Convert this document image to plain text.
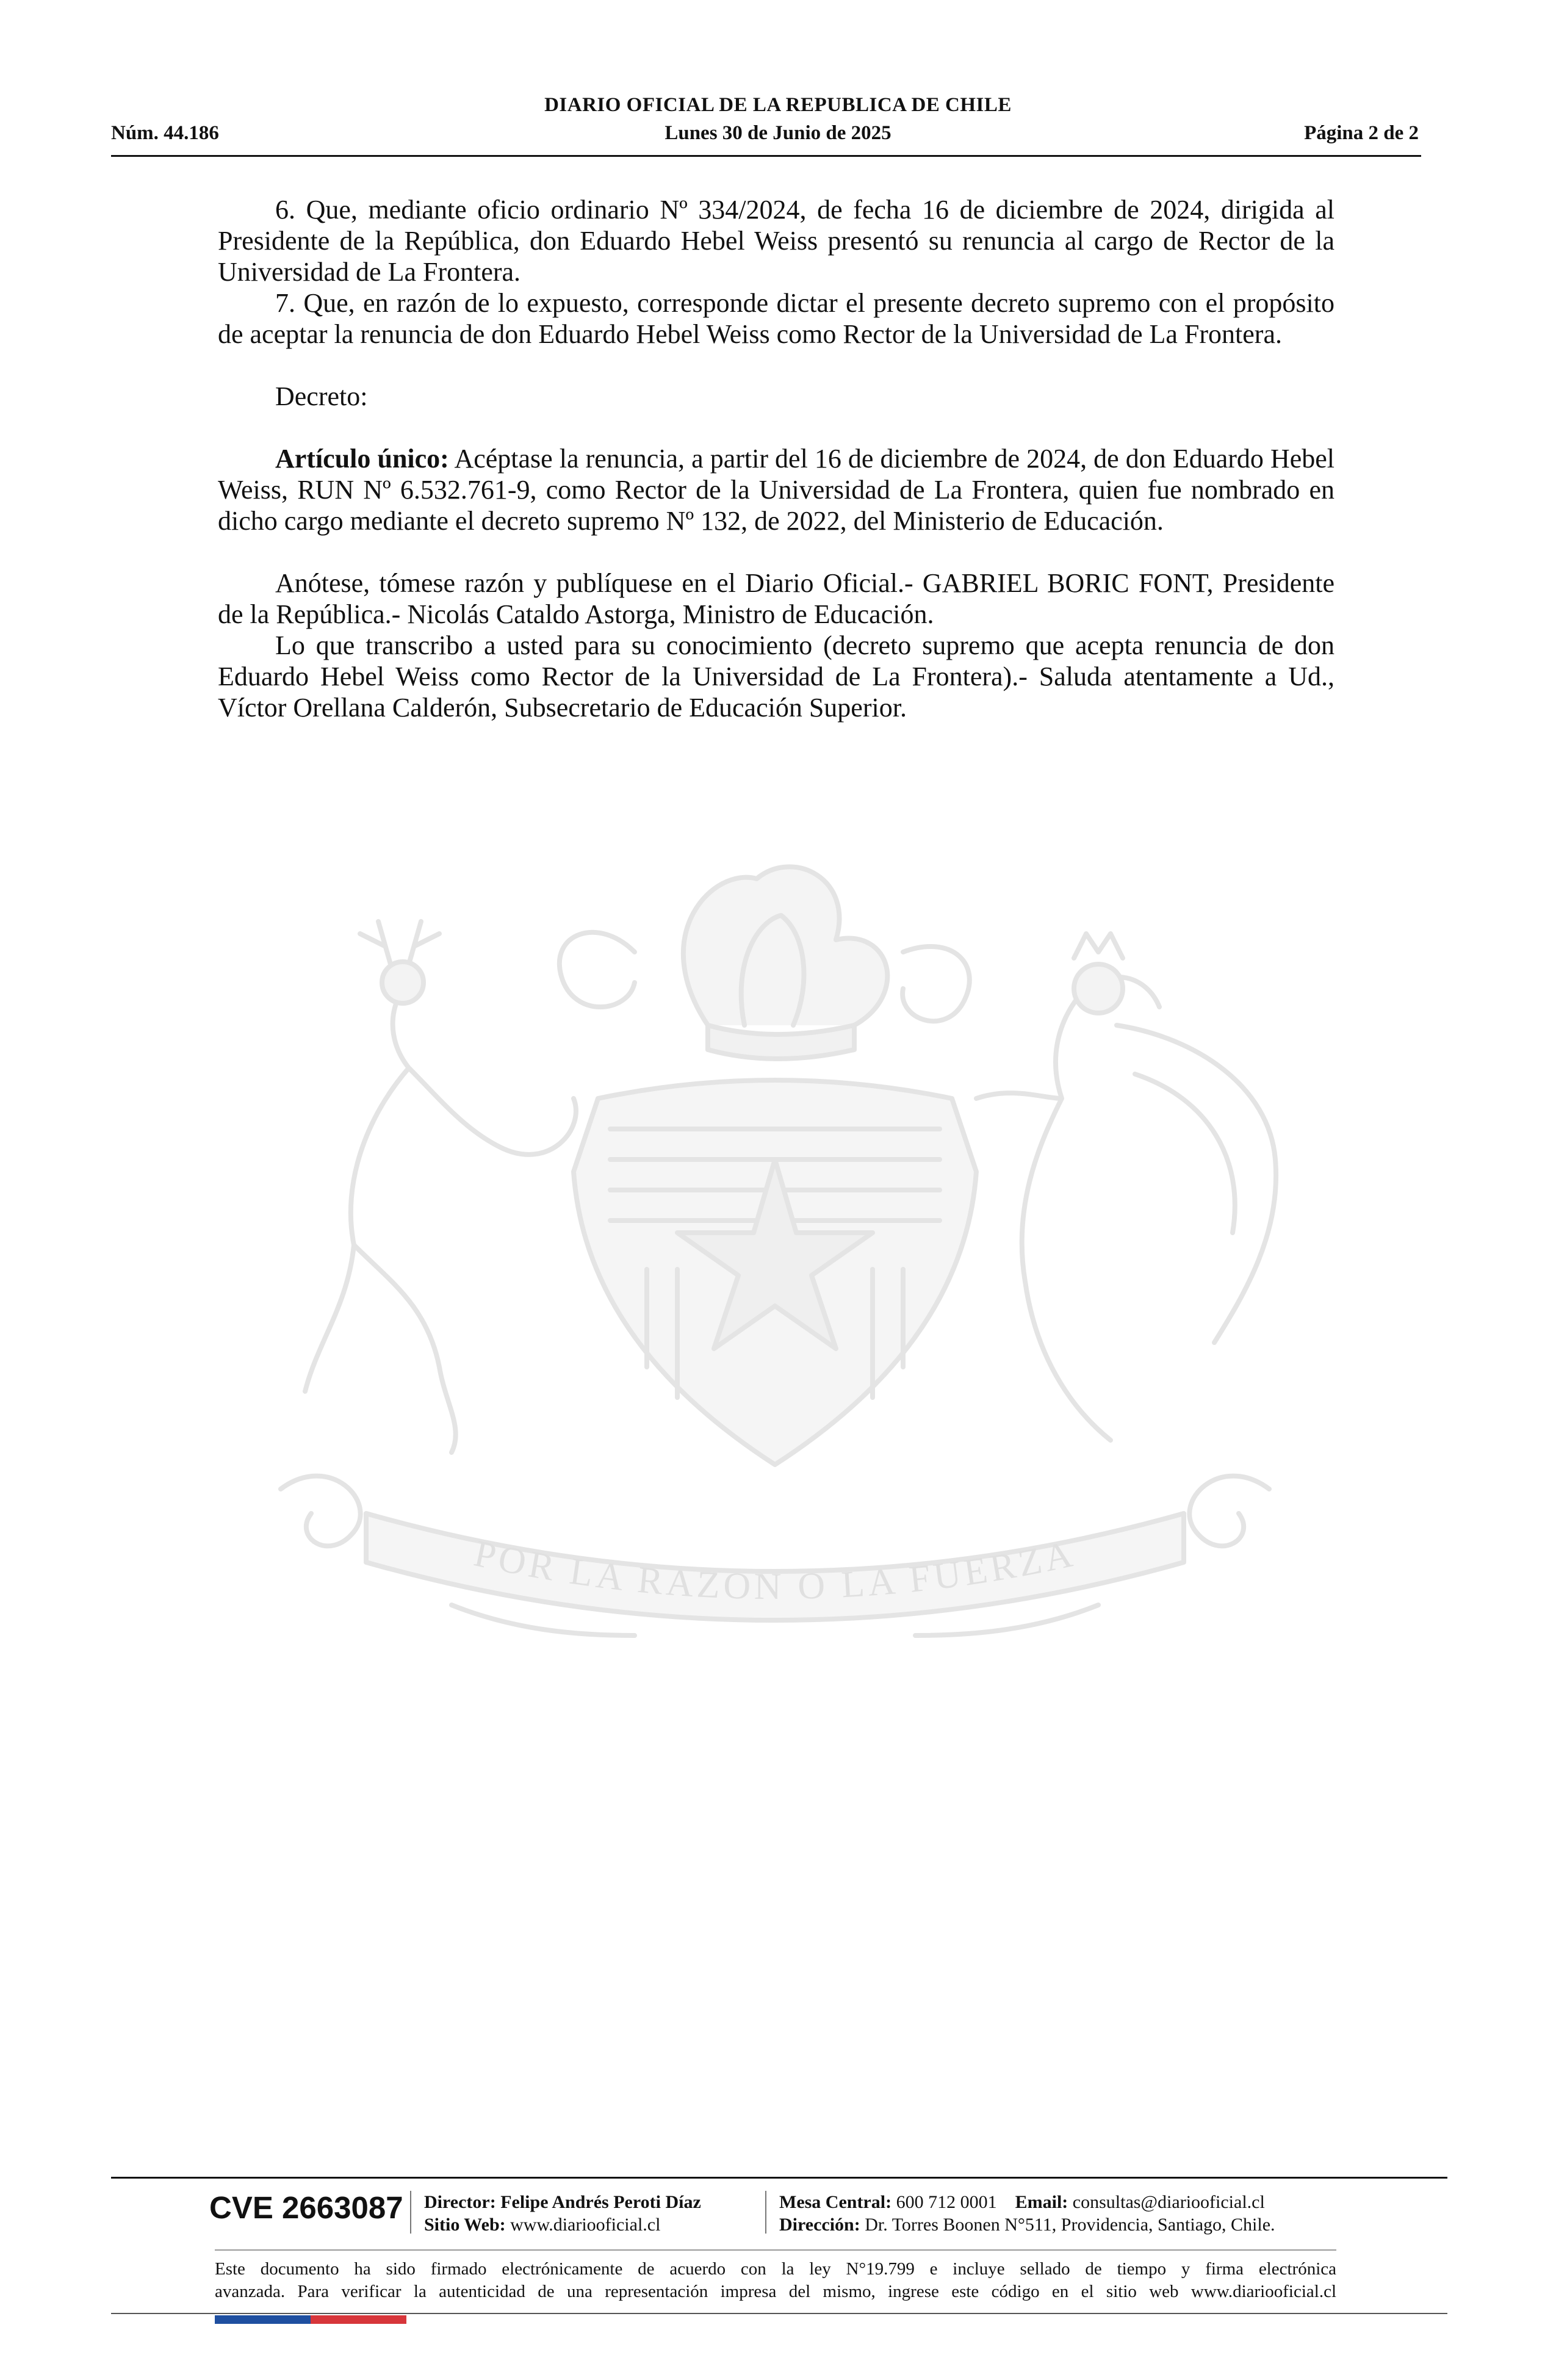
DIARIO OFICIAL DE LA REPUBLICA DE CHILE
Núm. 44.186	Lunes 30 de Junio de 2025	Página 2 de 2

6. Que, mediante oficio ordinario Nº 334/2024, de fecha 16 de diciembre de 2024, dirigida al Presidente de la República, don Eduardo Hebel Weiss presentó su renuncia al cargo de Rector de la Universidad de La Frontera.

7. Que, en razón de lo expuesto, corresponde dictar el presente decreto supremo con el propósito de aceptar la renuncia de don Eduardo Hebel Weiss como Rector de la Universidad de La Frontera.

Decreto:

Artículo único: Acéptase la renuncia, a partir del 16 de diciembre de 2024, de don Eduardo Hebel Weiss, RUN Nº 6.532.761-9, como Rector de la Universidad de La Frontera, quien fue nombrado en dicho cargo mediante el decreto supremo Nº 132, de 2022, del Ministerio de Educación.

Anótese, tómese razón y publíquese en el Diario Oficial.- GABRIEL BORIC FONT, Presidente de la República.- Nicolás Cataldo Astorga, Ministro de Educación.

Lo que transcribo a usted para su conocimiento (decreto supremo que acepta renuncia de don Eduardo Hebel Weiss como Rector de la Universidad de La Frontera).- Saluda atentamente a Ud., Víctor Orellana Calderón, Subsecretario de Educación Superior.

POR LA RAZON O LA FUERZA
CVE 2663087 Director: Felipe Andrés Peroti Díaz
Sitio Web: www.diariooficial.cl
Mesa Central: 600 712 0001 Email: consultas@diariooficial.cl
Dirección: Dr. Torres Boonen N°511, Providencia, Santiago, Chile.
Este documento ha sido firmado electrónicamente de acuerdo con la ley N°19.799 e incluye sellado de tiempo y firma electrónica
avanzada. Para verificar la autenticidad de una representación impresa del mismo, ingrese este código en el sitio web www.diariooficial.cl
